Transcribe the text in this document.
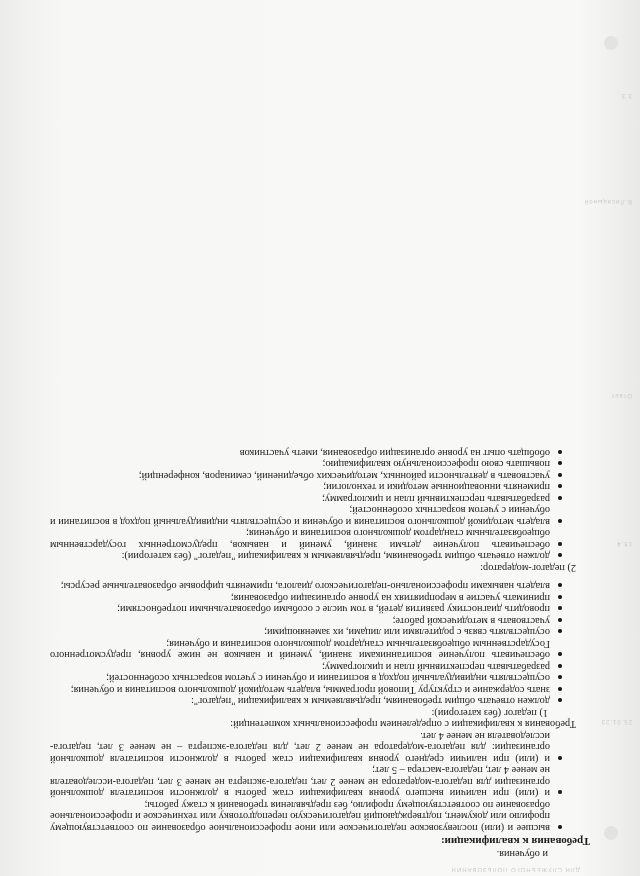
ДЛЯ СЛУЖЕБНОГО ПОЛЬЗОВАНИЯ
25.01.23
18.4
Ответ
В.Лисицыной
3.3

и обучения.

Требования к квалификации:

высшее и (или) послевузовское педагогическое или иное профессиональное образование по соответствующему профилю или документ, подтверждающий педагогическую переподготовку или техническое и профессиональное образование по соответствующему профилю, без предъявления требований к стажу работы;
и (или) при наличии высшего уровня квалификации стаж работы в должности воспитателя дошкольной организации для педагога-модератора не менее 2 лет, педагога-эксперта не менее 3 лет, педагога-исследователя не менее 4 лет, педагога-мастера – 5 лет;
и (или) при наличии среднего уровня квалификации стаж работы в должности воспитателя дошкольной организации: для педагога-модератора не менее 2 лет, для педагога-эксперта – не менее 3 лет, педагога-исследователя не менее 4 лет.

Требования к квалификации с определением профессиональных компетенций:

1) педагог (без категории):

должен отвечать общим требованиям, предъявляемым к квалификации "педагог":
знать содержание и структуру Типовой программы, владеть методикой дошкольного воспитания и обучения;
осуществлять индивидуальный подход в воспитании и обучении с учетом возрастных особенностей;
разрабатывать перспективный план и циклограмму;
обеспечивать получение воспитанниками знаний, умений и навыков не ниже уровня, предусмотренного Государственным общеобязательным стандартом дошкольного воспитания и обучения;
осуществлять связь с родителями или лицами, их заменяющими;
участвовать в методической работе;
проводить диагностику развития детей, в том числе с особыми образовательными потребностями;
принимать участие в мероприятиях на уровне организации образования;
владеть навыками профессионально-педагогического диалога, применять цифровые образовательные ресурсы;

2) педагог-модератор:

должен отвечать общим требованиям, предъявляемым к квалификации "педагог" (без категории):
обеспечивать получение детьми знаний, умений и навыков, предусмотренных государственным общеобязательным стандартом дошкольного воспитания и обучения;
владеть методикой дошкольного воспитания и обучения и осуществлять индивидуальный подход в воспитании и обучении с учетом возрастных особенностей;
разрабатывать перспективный план и циклограмму;
применять инновационные методики и технологии;
участвовать в деятельности районных, методических объединений, семинаров, конференций;
повышать свою профессиональную квалификацию;
обобщать опыт на уровне организации образования, иметь участников
